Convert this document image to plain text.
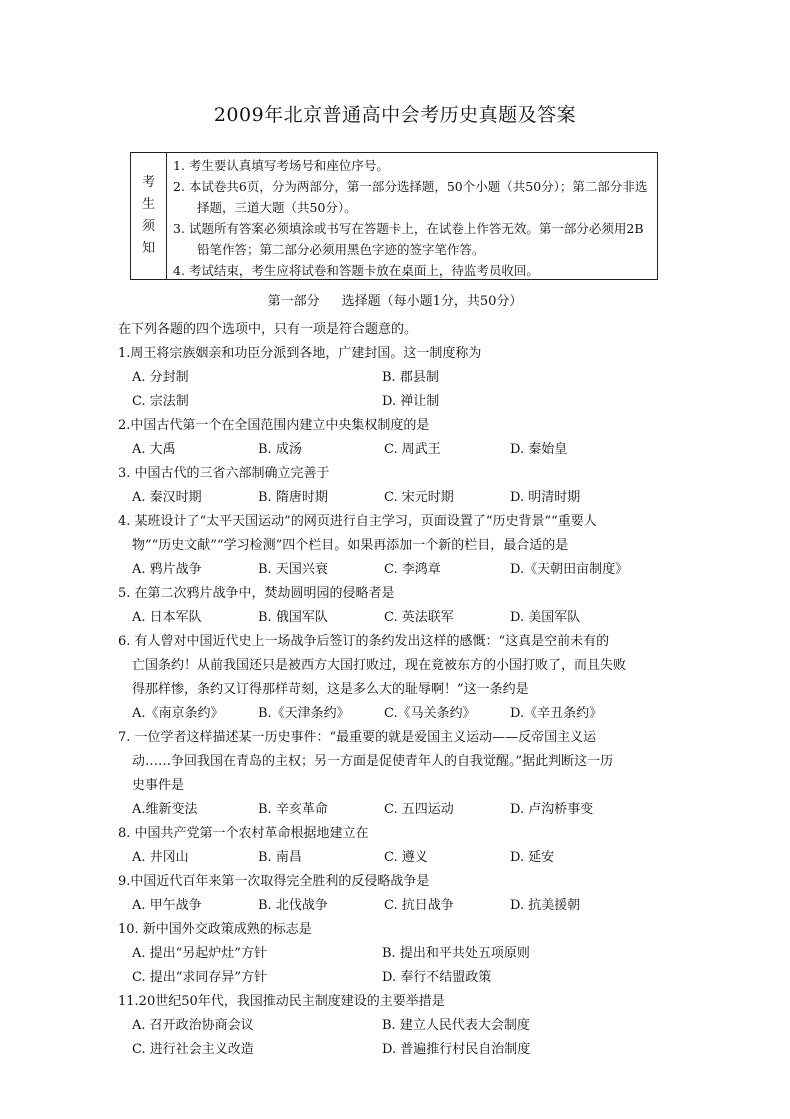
2009年北京普通高中会考历史真题及答案
考
生
须
知
1. 考生要认真填写考场号和座位序号。
2. 本试卷共6页，分为两部分，第一部分选择题，50个小题（共50分）；第二部分非选择题，三道大题（共50分）。
3. 试题所有答案必须填涂或书写在答题卡上，在试卷上作答无效。第一部分必须用2B铅笔作答；第二部分必须用黑色字迹的签字笔作答。
4. 考试结束，考生应将试卷和答题卡放在桌面上，待监考员收回。
第一部分 选择题（每小题1分，共50分）
在下列各题的四个选项中，只有一项是符合题意的。
1.周王将宗族姻亲和功臣分派到各地，广建封国。这一制度称为
A. 分封制	B. 郡县制
C. 宗法制	D. 禅让制
2.中国古代第一个在全国范围内建立中央集权制度的是
A. 大禹	B. 成汤	C. 周武王	D. 秦始皇
3. 中国古代的三省六部制确立完善于
A. 秦汉时期	B. 隋唐时期	C. 宋元时期	D. 明清时期
4. 某班设计了“太平天国运动”的网页进行自主学习，页面设置了“历史背景”“重要人
物”“历史文献”“学习检测”四个栏目。如果再添加一个新的栏目，最合适的是
A. 鸦片战争	B. 天国兴衰	C. 李鸿章	D.《天朝田亩制度》
5. 在第二次鸦片战争中，焚劫圆明园的侵略者是
A. 日本军队	B. 俄国军队	C. 英法联军	D. 美国军队
6. 有人曾对中国近代史上一场战争后签订的条约发出这样的感慨：“这真是空前未有的
亡国条约！从前我国还只是被西方大国打败过，现在竟被东方的小国打败了，而且失败
得那样惨，条约又订得那样苛刻，这是多么大的耻辱啊！”这一条约是
A.《南京条约》	B.《天津条约》	C.《马关条约》	D.《辛丑条约》
7. 一位学者这样描述某一历史事件：“最重要的就是爱国主义运动——反帝国主义运
动……争回我国在青岛的主权；另一方面是促使青年人的自我觉醒。”据此判断这一历
史事件是
A.维新变法	B. 辛亥革命	C. 五四运动	D. 卢沟桥事变
8. 中国共产党第一个农村革命根据地建立在
A. 井冈山	B. 南昌	C. 遵义	D. 延安
9.中国近代百年来第一次取得完全胜利的反侵略战争是
A. 甲午战争	B. 北伐战争	C. 抗日战争	D. 抗美援朝
10. 新中国外交政策成熟的标志是
A. 提出“另起炉灶”方针	B. 提出和平共处五项原则
C. 提出“求同存异”方针	D. 奉行不结盟政策
11.20世纪50年代，我国推动民主制度建设的主要举措是
A. 召开政治协商会议	B. 建立人民代表大会制度
C. 进行社会主义改造	D. 普遍推行村民自治制度
